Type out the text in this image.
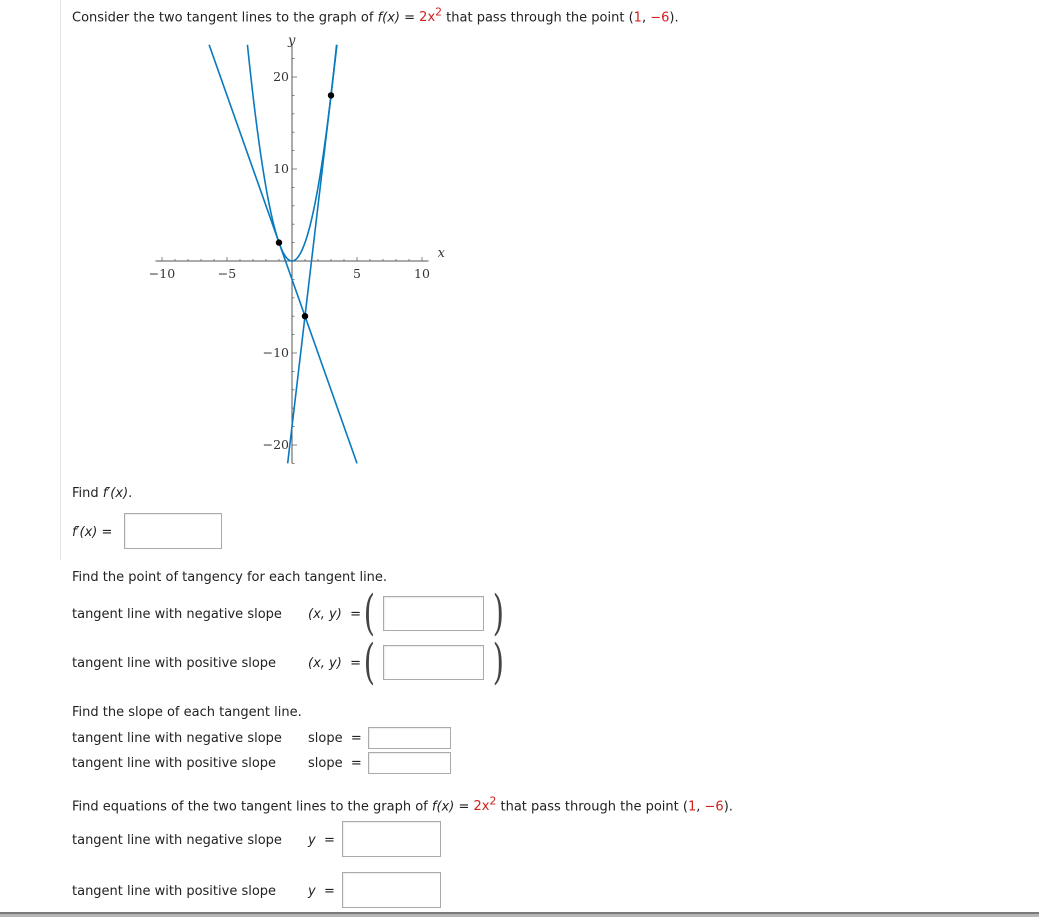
Consider the two tangent lines to the graph of $f(x) = 2x^2$ that pass through the point (1, −6).
−10	−5	5	10
20
10
−10
−20
x
y
Find f′(x).
f′(x) =
Find the point of tangency for each tangent line.
tangent line with negative slope (x, y) = ( )
tangent line with positive slope (x, y) = ( )
Find the slope of each tangent line.
tangent line with negative slope slope =
tangent line with positive slope slope =
Find equations of the two tangent lines to the graph of $f(x) = 2x^2$ that pass through the point (1, −6).
tangent line with negative slope y =
tangent line with positive slope y =
